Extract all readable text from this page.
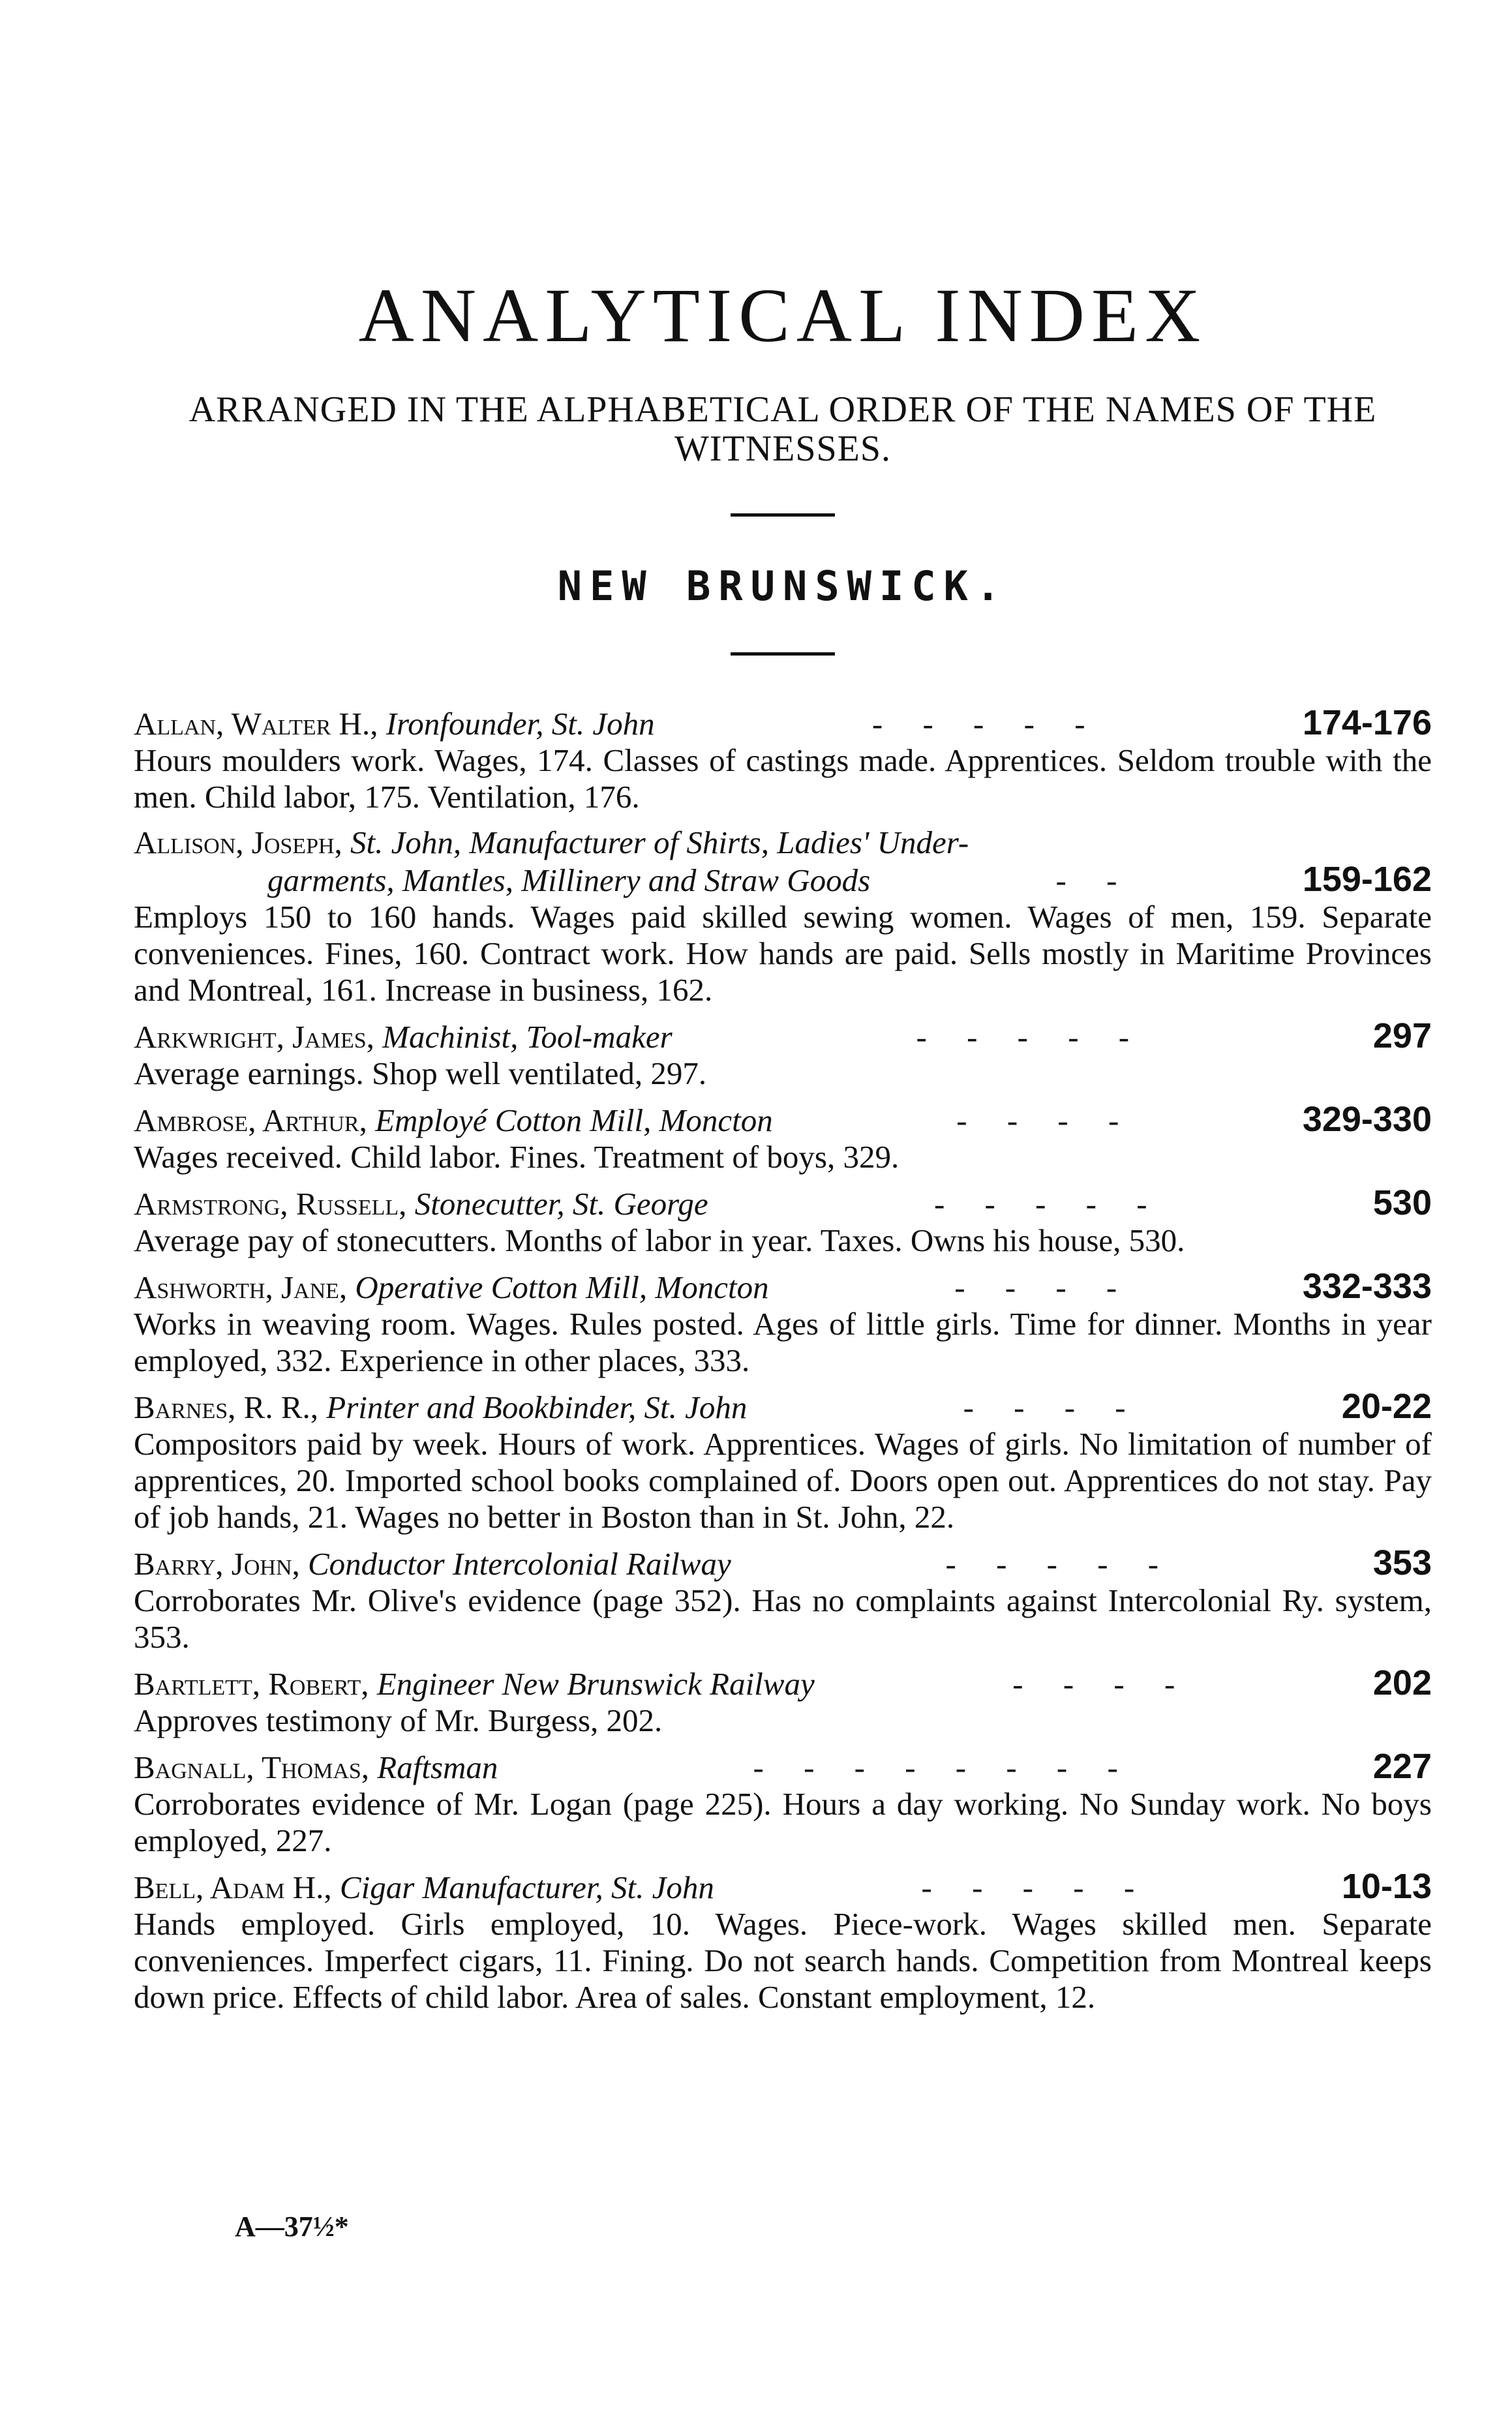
ANALYTICAL INDEX
ARRANGED IN THE ALPHABETICAL ORDER OF THE NAMES OF THE WITNESSES.
NEW BRUNSWICK.
Allan, Walter H., Ironfounder, St. John	-     -     -     -     -	174-176
Hours moulders work. Wages, 174. Classes of castings made. Apprentices. Seldom trouble with the men. Child labor, 175. Ventilation, 176.
Allison, Joseph, St. John, Manufacturer of Shirts, Ladies' Under-
garments, Mantles, Millinery and Straw Goods	-     -	159-162
Employs 150 to 160 hands. Wages paid skilled sewing women. Wages of men, 159. Separate conveniences. Fines, 160. Contract work. How hands are paid. Sells mostly in Maritime Provinces and Montreal, 161. Increase in business, 162.
Arkwright, James, Machinist, Tool-maker	-     -     -     -     -	297
Average earnings. Shop well ventilated, 297.
Ambrose, Arthur, Employé Cotton Mill, Moncton	-     -     -     -	329-330
Wages received. Child labor. Fines. Treatment of boys, 329.
Armstrong, Russell, Stonecutter, St. George	-     -     -     -     -	530
Average pay of stonecutters. Months of labor in year. Taxes. Owns his house, 530.
Ashworth, Jane, Operative Cotton Mill, Moncton	-     -     -     -	332-333
Works in weaving room. Wages. Rules posted. Ages of little girls. Time for dinner. Months in year employed, 332. Experience in other places, 333.
Barnes, R. R., Printer and Bookbinder, St. John	-     -     -     -	20-22
Compositors paid by week. Hours of work. Apprentices. Wages of girls. No limitation of number of apprentices, 20. Imported school books complained of. Doors open out. Apprentices do not stay. Pay of job hands, 21. Wages no better in Boston than in St. John, 22.
Barry, John, Conductor Intercolonial Railway	-     -     -     -     -	353
Corroborates Mr. Olive's evidence (page 352). Has no complaints against Intercolonial Ry. system, 353.
Bartlett, Robert, Engineer New Brunswick Railway	-     -     -     -	202
Approves testimony of Mr. Burgess, 202.
Bagnall, Thomas, Raftsman	-     -     -     -     -     -     -     -	227
Corroborates evidence of Mr. Logan (page 225). Hours a day working. No Sunday work. No boys employed, 227.
Bell, Adam H., Cigar Manufacturer, St. John	-     -     -     -     -	10-13
Hands employed. Girls employed, 10. Wages. Piece-work. Wages skilled men. Separate conveniences. Imperfect cigars, 11. Fining. Do not search hands. Competition from Montreal keeps down price. Effects of child labor. Area of sales. Constant employment, 12.
A—37½*
